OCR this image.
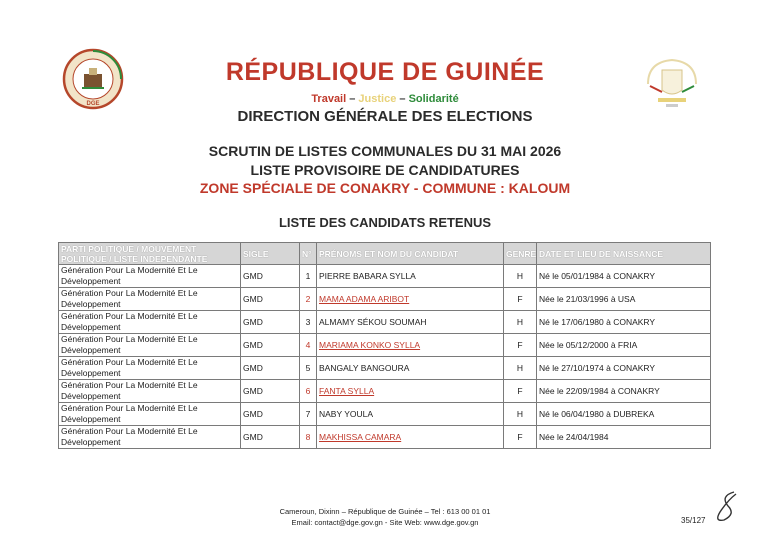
DGE
RÉPUBLIQUE DE GUINÉE
Travail – Justice – Solidarité
DIRECTION GÉNÉRALE DES ELECTIONS
SCRUTIN DE LISTES COMMUNALES DU 31 MAI 2026
LISTE PROVISOIRE DE CANDIDATURES
ZONE SPÉCIALE DE CONAKRY - COMMUNE : KALOUM
LISTE DES CANDIDATS RETENUS
PARTI POLITIQUE / MOUVEMENT POLITIQUE / LISTE INDEPENDANTE	SIGLE	N°	PRÉNOMS ET NOM DU CANDIDAT	GENRE	DATE ET LIEU DE NAISSANCE
Génération Pour La Modernité Et Le Développement	GMD	1	PIERRE BABARA SYLLA	H	Né le 05/01/1984 à CONAKRY
Génération Pour La Modernité Et Le Développement	GMD	2	MAMA ADAMA ARIBOT	F	Née le 21/03/1996 à USA
Génération Pour La Modernité Et Le Développement	GMD	3	ALMAMY SÉKOU SOUMAH	H	Né le 17/06/1980 à CONAKRY
Génération Pour La Modernité Et Le Développement	GMD	4	MARIAMA KONKO SYLLA	F	Née le 05/12/2000 à FRIA
Génération Pour La Modernité Et Le Développement	GMD	5	BANGALY BANGOURA	H	Né le 27/10/1974 à CONAKRY
Génération Pour La Modernité Et Le Développement	GMD	6	FANTA SYLLA	F	Née le 22/09/1984 à CONAKRY
Génération Pour La Modernité Et Le Développement	GMD	7	NABY YOULA	H	Né le 06/04/1980 à DUBREKA
Génération Pour La Modernité Et Le Développement	GMD	8	MAKHISSA CAMARA	F	Née le 24/04/1984
Cameroun, Dixinn – République de Guinée – Tel : 613 00 01 01
Email: contact@dge.gov.gn - Site Web: www.dge.gov.gn	35/127
